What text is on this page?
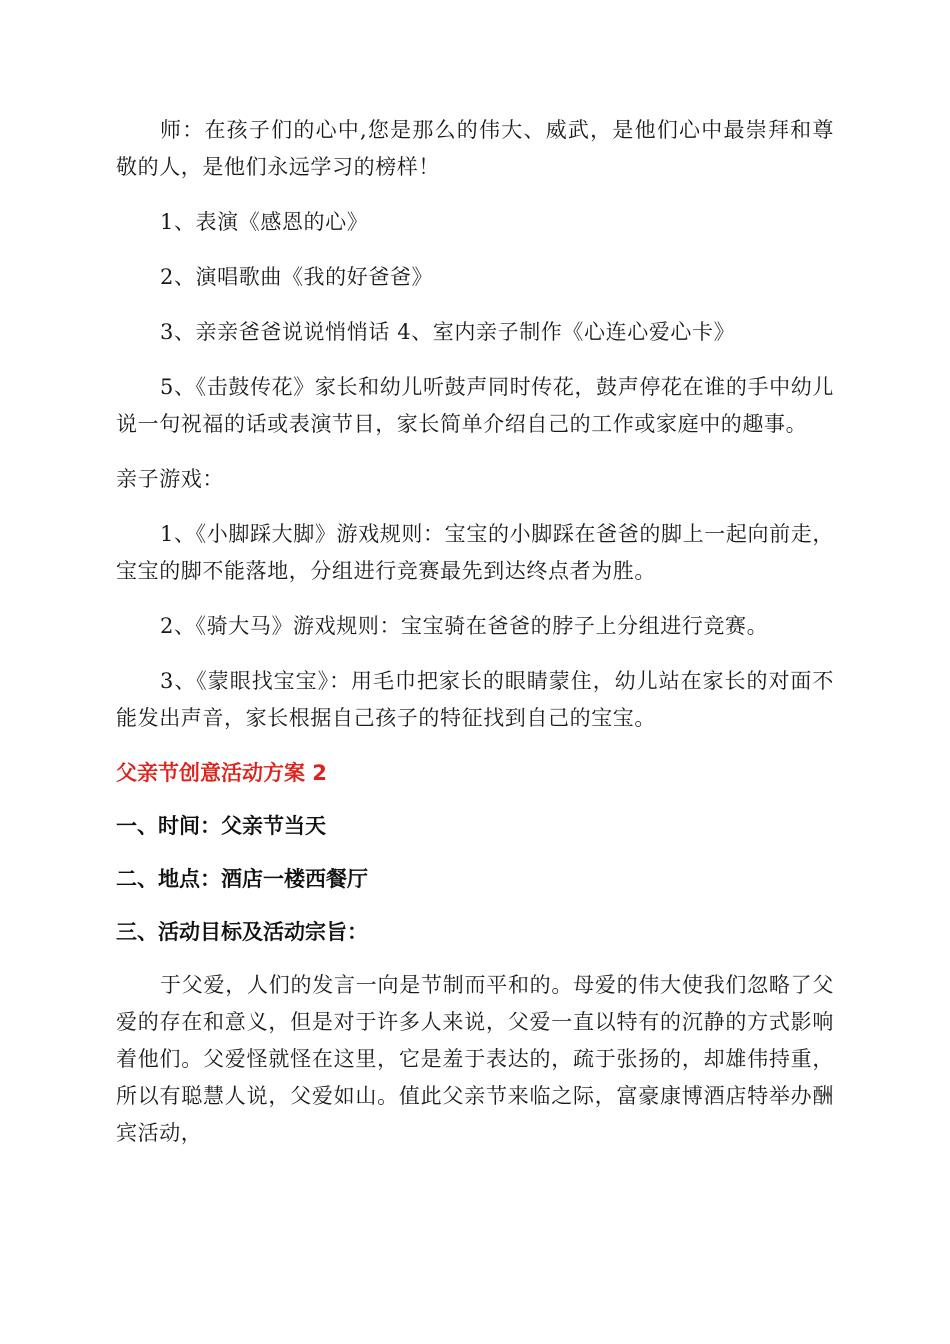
师：在孩子们的心中,您是那么的伟大、威武，是他们心中最崇拜和尊敬的人，是他们永远学习的榜样！

1、表演《感恩的心》

2、演唱歌曲《我的好爸爸》

3、亲亲爸爸说说悄悄话 4、室内亲子制作《心连心爱心卡》

5、《击鼓传花》家长和幼儿听鼓声同时传花，鼓声停花在谁的手中幼儿说一句祝福的话或表演节目，家长简单介绍自己的工作或家庭中的趣事。

亲子游戏：

1、《小脚踩大脚》游戏规则：宝宝的小脚踩在爸爸的脚上一起向前走，宝宝的脚不能落地，分组进行竞赛最先到达终点者为胜。

2、《骑大马》游戏规则：宝宝骑在爸爸的脖子上分组进行竞赛。

3、《蒙眼找宝宝》：用毛巾把家长的眼睛蒙住，幼儿站在家长的对面不能发出声音，家长根据自己孩子的特征找到自己的宝宝。

父亲节创意活动方案 2
一、时间：父亲节当天
二、地点：酒店一楼西餐厅
三、活动目标及活动宗旨：

于父爱，人们的发言一向是节制而平和的。母爱的伟大使我们忽略了父爱的存在和意义，但是对于许多人来说，父爱一直以特有的沉静的方式影响着他们。父爱怪就怪在这里，它是羞于表达的，疏于张扬的，却雄伟持重，所以有聪慧人说，父爱如山。值此父亲节来临之际，富豪康博酒店特举办酬宾活动，
